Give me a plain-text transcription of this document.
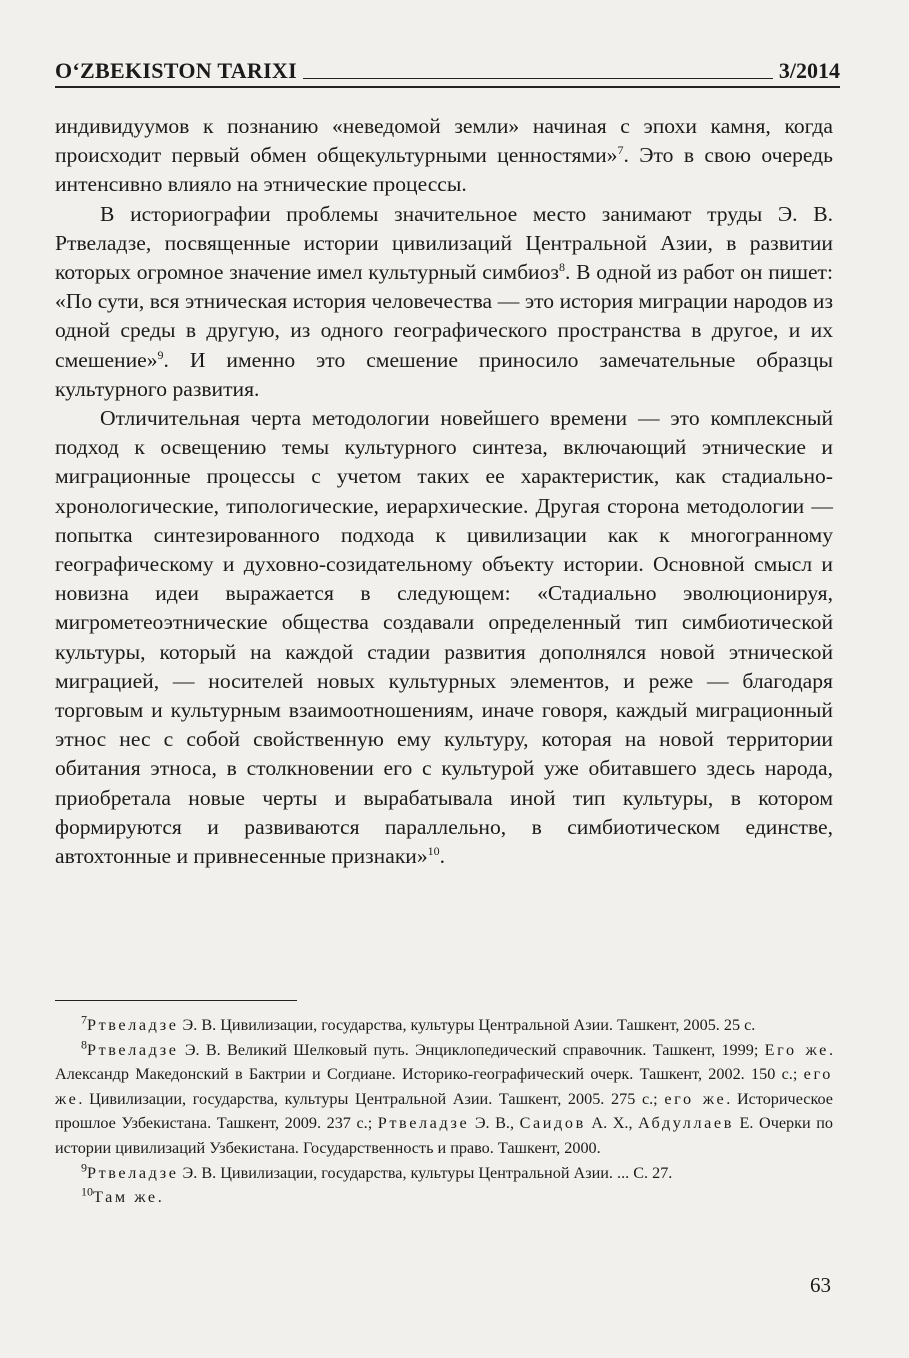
O‘ZBEKISTON TARIXI	3/2014

индивидуумов к познанию «неведомой земли» начиная с эпохи камня, когда происходит первый обмен общекультурными ценностями»$^7$. Это в свою очередь интенсивно влияло на этнические процессы.

В историографии проблемы значительное место занимают труды Э. В. Ртвеладзе, посвященные истории цивилизаций Центральной Азии, в развитии которых огромное значение имел культурный симбиоз$^8$. В одной из работ он пишет: «По сути, вся этническая история человечества — это история миграции народов из одной среды в другую, из одного географического пространства в другое, и их смешение»$^9$. И именно это смешение приносило замечательные образцы культурного развития.

Отличительная черта методологии новейшего времени — это комплексный подход к освещению темы культурного синтеза, включающий этнические и миграционные процессы с учетом таких ее характеристик, как стадиально-хронологические, типологические, иерархические. Другая сторона методологии — попытка синтезированного подхода к цивилизации как к многогранному географическому и духовно-созидательному объекту истории. Основной смысл и новизна идеи выражается в следующем: «Стадиально эволюционируя, мигрометеоэтнические общества создавали определенный тип симбиотической культуры, который на каждой стадии развития дополнялся новой этнической миграцией, — носителей новых культурных элементов, и реже — благодаря торговым и культурным взаимоотношениям, иначе говоря, каждый миграционный этнос нес с собой свойственную ему культуру, которая на новой территории обитания этноса, в столкновении его с культурой уже обитавшего здесь народа, приобретала новые черты и вырабатывала иной тип культуры, в котором формируются и развиваются параллельно, в симбиотическом единстве, автохтонные и привнесенные признаки»$^{10}$.

$^7$Ртвеладзе Э. В. Цивилизации, государства, культуры Центральной Азии. Ташкент, 2005. 25 с.

$^8$Ртвеладзе Э. В. Великий Шелковый путь. Энциклопедический справочник. Ташкент, 1999; Его же. Александр Македонский в Бактрии и Согдиане. Историко-географический очерк. Ташкент, 2002. 150 с.; его же. Цивилизации, государства, культуры Центральной Азии. Ташкент, 2005. 275 с.; его же. Историческое прошлое Узбекистана. Ташкент, 2009. 237 с.; Ртвеладзе Э. В., Саидов А. Х., Абдуллаев Е. Очерки по истории цивилизаций Узбекистана. Государственность и право. Ташкент, 2000.

$^9$Ртвеладзе Э. В. Цивилизации, государства, культуры Центральной Азии. ... С. 27.

$^{10}$Там же.

63
